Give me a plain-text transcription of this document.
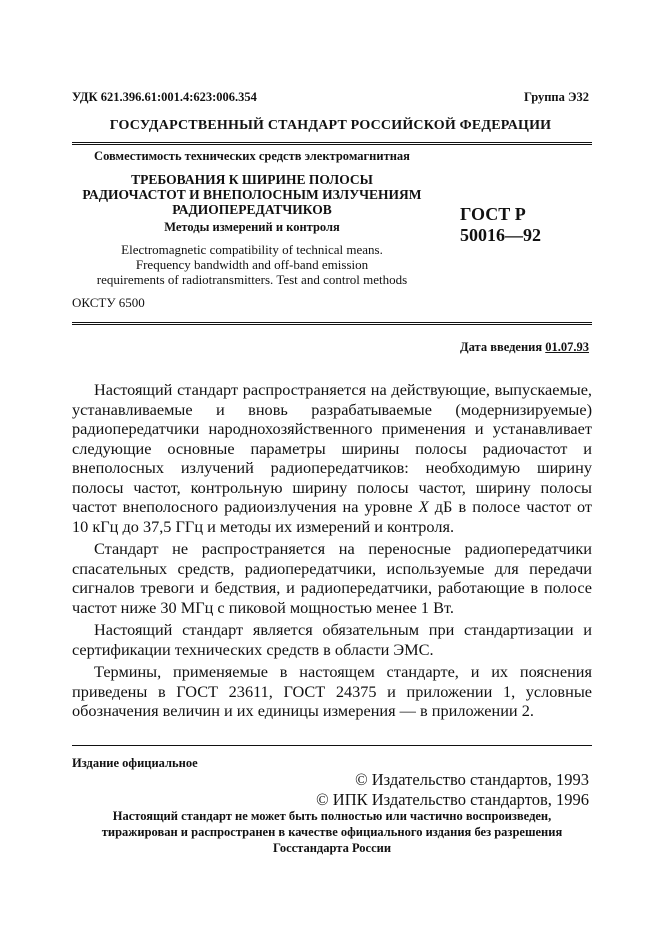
УДК 621.396.61:001.4:623:006.354	Группа Э32
ГОСУДАРСТВЕННЫЙ СТАНДАРТ РОССИЙСКОЙ ФЕДЕРАЦИИ
Совместимость технических средств электромагнитная
ТРЕБОВАНИЯ К ШИРИНЕ ПОЛОСЫ
РАДИОЧАСТОТ И ВНЕПОЛОСНЫМ ИЗЛУЧЕНИЯМ
РАДИОПЕРЕДАТЧИКОВ
Методы измерений и контроля
Electromagnetic compatibility of technical means.
Frequency bandwidth and off-band emission
requirements of radiotransmitters. Test and control methods
ОКСТУ 6500
ГОСТ Р
50016—92
Дата введения 01.07.93

Настоящий стандарт распространяется на действующие, выпускаемые, устанавливаемые и вновь разрабатываемые (модернизируемые) радиопередатчики народнохозяйственного применения и устанавливает следующие основные параметры ширины полосы радиочастот и внеполосных излучений радиопередатчиков: необходимую ширину полосы частот, контрольную ширину полосы частот, ширину полосы частот внеполосного радиоизлучения на уровне X дБ в полосе частот от 10 кГц до 37,5 ГГц и методы их измерений и контроля.

Стандарт не распространяется на переносные радиопередатчики спасательных средств, радиопередатчики, используемые для передачи сигналов тревоги и бедствия, и радиопередатчики, работающие в полосе частот ниже 30 МГц с пиковой мощностью менее 1 Вт.

Настоящий стандарт является обязательным при стандартизации и сертификации технических средств в области ЭМС.

Термины, применяемые в настоящем стандарте, и их пояснения приведены в ГОСТ 23611, ГОСТ 24375 и приложении 1, условные обозначения величин и их единицы измерения — в приложении 2.

Издание официальное
© Издательство стандартов, 1993
© ИПК Издательство стандартов, 1996
Настоящий стандарт не может быть полностью или частично воспроизведен,
тиражирован и распространен в качестве официального издания без разрешения
Госстандарта России
